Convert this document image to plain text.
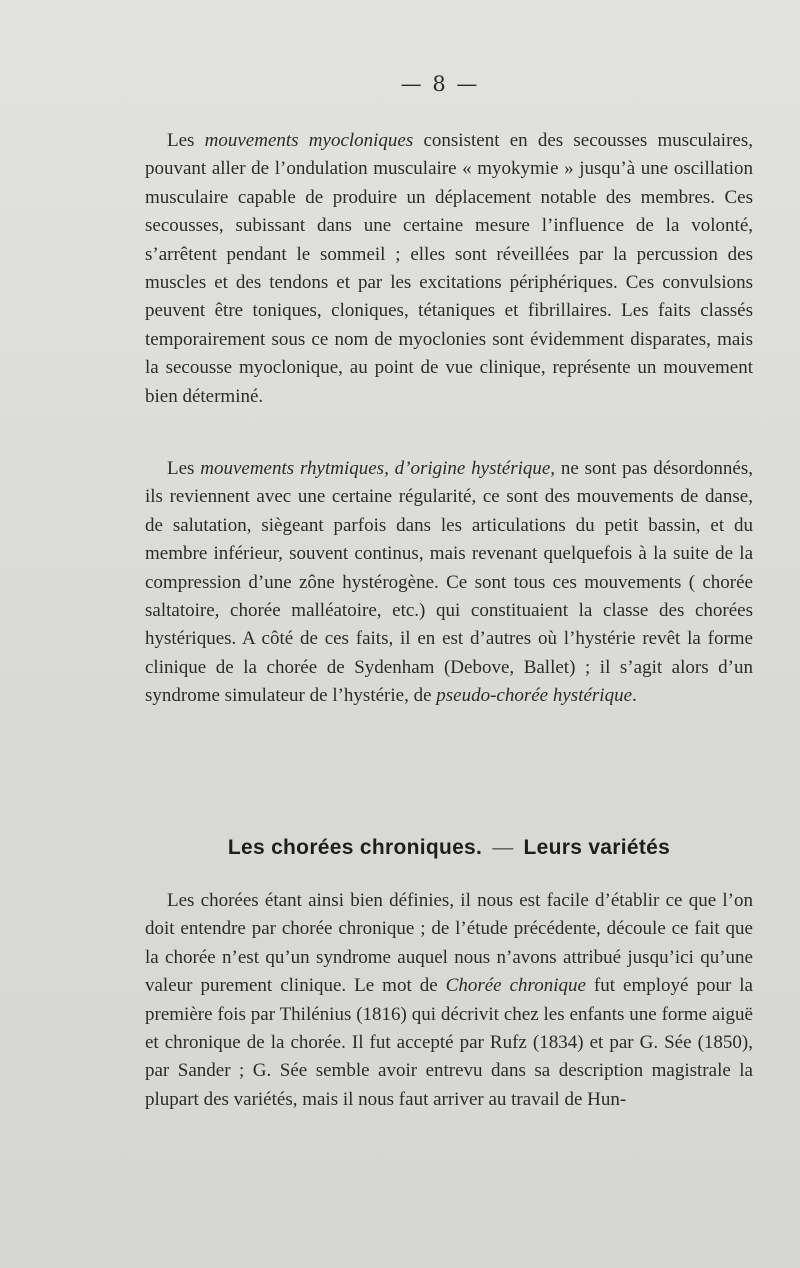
— 8 —

Les mouvements myocloniques consistent en des secousses musculaires, pouvant aller de l’ondulation musculaire « myokymie » jusqu’à une oscillation musculaire capable de produire un déplacement notable des membres. Ces secousses, subissant dans une certaine mesure l’influence de la volonté, s’arrêtent pendant le sommeil ; elles sont réveillées par la percussion des muscles et des tendons et par les excitations périphériques. Ces convulsions peuvent être toniques, cloniques, tétaniques et fibrillaires. Les faits classés temporairement sous ce nom de myoclonies sont évidemment disparates, mais la secousse myoclonique, au point de vue clinique, représente un mouvement bien déterminé.

Les mouvements rhytmiques, d’origine hystérique, ne sont pas désordonnés, ils reviennent avec une certaine régularité, ce sont des mouvements de danse, de salutation, siègeant parfois dans les articulations du petit bassin, et du membre inférieur, souvent continus, mais revenant quelquefois à la suite de la compression d’une zône hystérogène. Ce sont tous ces mouvements ( chorée saltatoire, chorée malléatoire, etc.) qui constituaient la classe des chorées hystériques. A côté de ces faits, il en est d’autres où l’hystérie revêt la forme clinique de la chorée de Sydenham (Debove, Ballet) ; il s’agit alors d’un syndrome simulateur de l’hystérie, de pseudo-chorée hystérique.

Les chorées chroniques. — Leurs variétés

Les chorées étant ainsi bien définies, il nous est facile d’établir ce que l’on doit entendre par chorée chronique ; de l’étude précédente, découle ce fait que la chorée n’est qu’un syndrome auquel nous n’avons attribué jusqu’ici qu’une valeur purement clinique. Le mot de Chorée chronique fut employé pour la première fois par Thilénius (1816) qui décrivit chez les enfants une forme aiguë et chronique de la chorée. Il fut accepté par Rufz (1834) et par G. Sée (1850), par Sander ; G. Sée semble avoir entrevu dans sa description magistrale la plupart des variétés, mais il nous faut arriver au travail de Hun-
